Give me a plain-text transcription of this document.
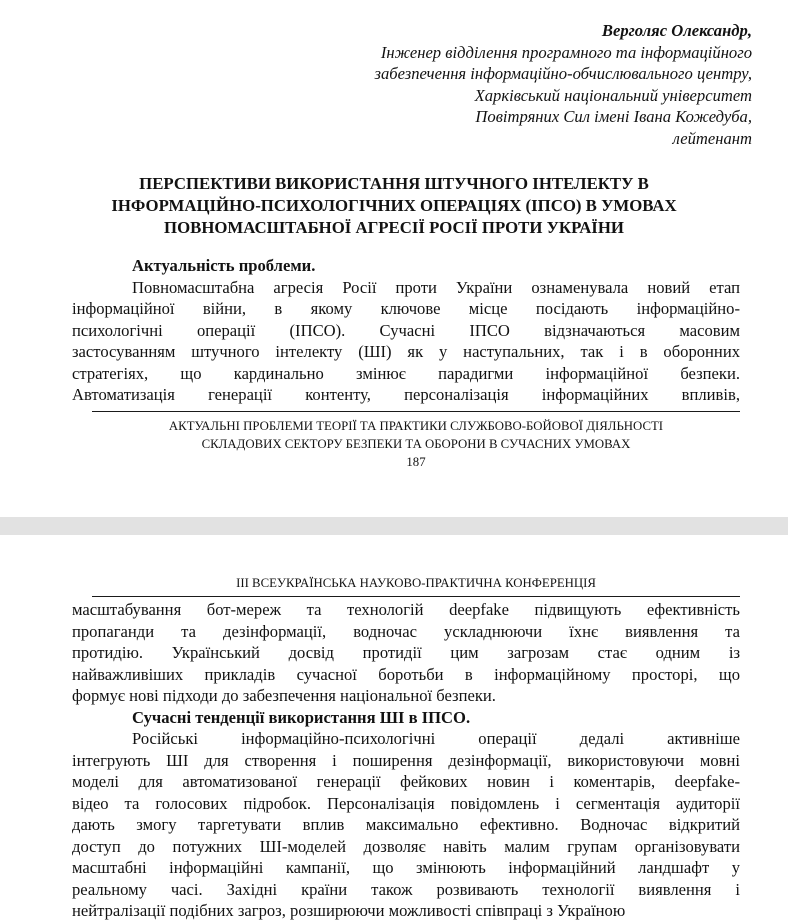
Верголяс Олександр,
Інженер відділення програмного та інформаційного
забезпечення інформаційно-обчислювального центру,
Харківський національний університет
Повітряних Сил імені Івана Кожедуба,
лейтенант
ПЕРСПЕКТИВИ ВИКОРИСТАННЯ ШТУЧНОГО ІНТЕЛЕКТУ В
ІНФОРМАЦІЙНО-ПСИХОЛОГІЧНИХ ОПЕРАЦІЯХ (ІПСО) В УМОВАХ
ПОВНОМАСШТАБНОЇ АГРЕСІЇ РОСІЇ ПРОТИ УКРАЇНИ
Актуальність проблеми.
Повномасштабна агресія Росії проти України ознаменувала новий етап
інформаційної війни, в якому ключове місце посідають інформаційно-
психологічні операції (ІПСО). Сучасні ІПСО відзначаються масовим
застосуванням штучного інтелекту (ШІ) як у наступальних, так і в оборонних
стратегіях, що кардинально змінює парадигми інформаційної безпеки.
Автоматизація генерації контенту, персоналізація інформаційних впливів,
АКТУАЛЬНІ ПРОБЛЕМИ ТЕОРІЇ ТА ПРАКТИКИ СЛУЖБОВО-БОЙОВОЇ ДІЯЛЬНОСТІ
СКЛАДОВИХ СЕКТОРУ БЕЗПЕКИ ТА ОБОРОНИ В СУЧАСНИХ УМОВАХ
187
ІІІ ВСЕУКРАЇНСЬКА НАУКОВО-ПРАКТИЧНА КОНФЕРЕНЦІЯ
масштабування бот-мереж та технологій deepfake підвищують ефективність
пропаганди та дезінформації, водночас ускладнюючи їхнє виявлення та
протидію. Український досвід протидії цим загрозам стає одним із
найважливіших прикладів сучасної боротьби в інформаційному просторі, що
формує нові підходи до забезпечення національної безпеки.
Сучасні тенденції використання ШІ в ІПСО.
Російські інформаційно-психологічні операції дедалі активніше
інтегрують ШІ для створення і поширення дезінформації, використовуючи мовні
моделі для автоматизованої генерації фейкових новин і коментарів, deepfake-
відео та голосових підробок. Персоналізація повідомлень і сегментація аудиторії
дають змогу таргетувати вплив максимально ефективно. Водночас відкритий
доступ до потужних ШІ-моделей дозволяє навіть малим групам організовувати
масштабні інформаційні кампанії, що змінюють інформаційний ландшафт у
реальному часі. Західні країни також розвивають технології виявлення і
нейтралізації подібних загроз, розширюючи можливості співпраці з Україною
